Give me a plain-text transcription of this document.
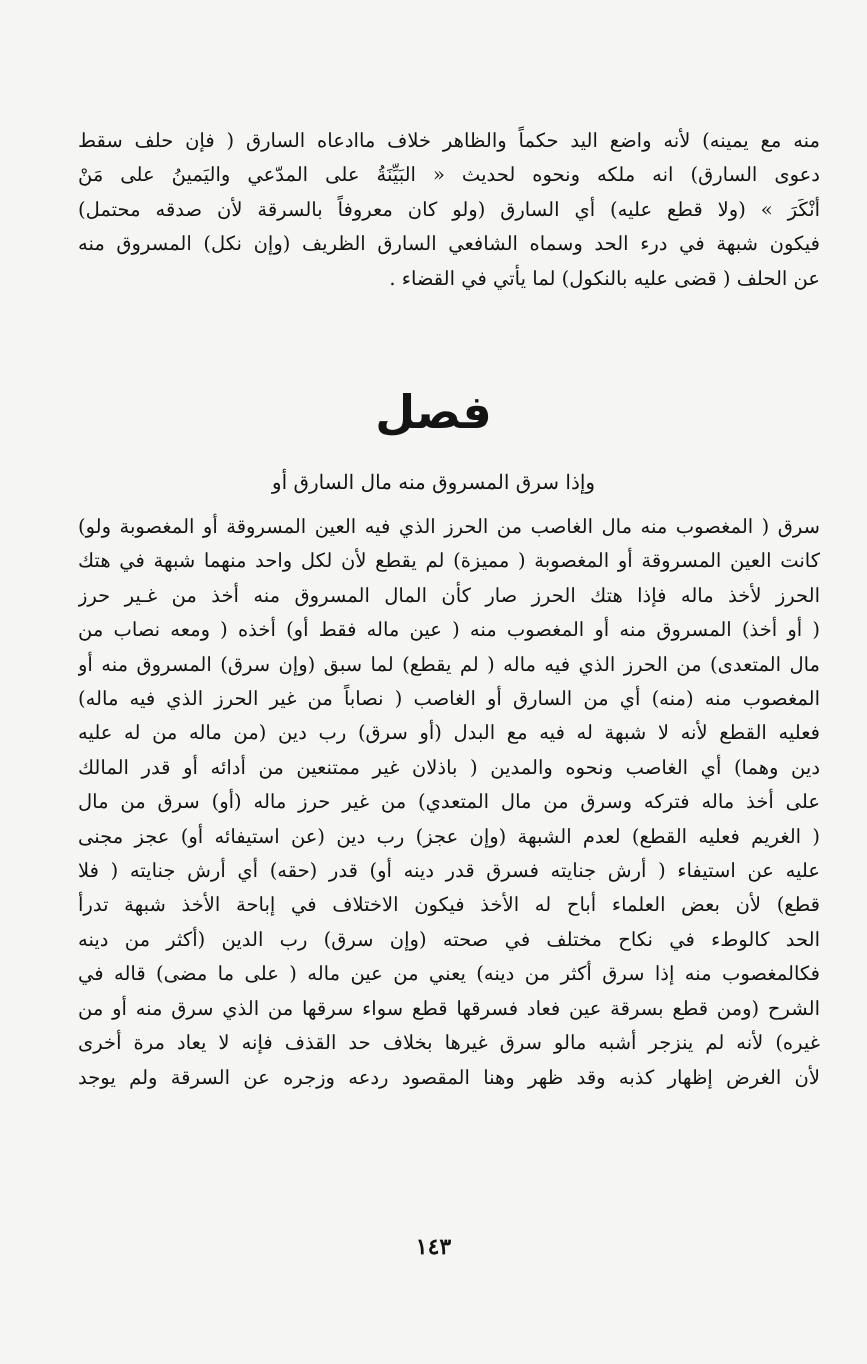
منه مع يمينه) لأنه واضع اليد حكماً والظاهر خلاف ماادعاه السارق ( فإن حلف سقط
دعوى السارق) انه ملكه ونحوه لحديث « البَيِّنَةُ على المدّعي واليَمينُ على مَنْ
أنْكَرَ » (ولا قطع عليه) أي السارق (ولو كان معروفاً بالسرقة لأن صدقه محتمل)
فيكون شبهة في درء الحد وسماه الشافعي السارق الظريف (وإن نكل) المسروق منه
عن الحلف ( قضى عليه بالنكول) لما يأتي في القضاء .
فصل
وإذا سرق المسروق منه مال السارق أو
سرق ( المغصوب منه مال الغاصب من الحرز الذي فيه العين المسروقة أو المغصوبة ولو)
كانت العين المسروقة أو المغصوبة ( مميزة) لم يقطع لأن لكل واحد منهما شبهة في هتك
الحرز لأخذ ماله فإذا هتك الحرز صار كأن المال المسروق منه أخذ من غـير حرز
( أو أخذ) المسروق منه أو المغصوب منه ( عين ماله فقط أو) أخذه ( ومعه نصاب من
مال المتعدى) من الحرز الذي فيه ماله ( لم يقطع) لما سبق (وإن سرق) المسروق منه أو
المغصوب منه (منه) أي من السارق أو الغاصب ( نصاباً من غير الحرز الذي فيه ماله)
فعليه القطع لأنه لا شبهة له فيه مع البدل (أو سرق) رب دين (من ماله من له عليه
دين وهما) أي الغاصب ونحوه والمدين ( باذلان غير ممتنعين من أدائه أو قدر المالك
على أخذ ماله فتركه وسرق من مال المتعدي) من غير حرز ماله (أو) سرق من مال
( الغريم فعليه القطع) لعدم الشبهة (وإن عجز) رب دين (عن استيفائه أو) عجز مجنى
عليه عن استيفاء ( أرش جنايته فسرق قدر دينه أو) قدر (حقه) أي أرش جنايته ( فلا
قطع) لأن بعض العلماء أباح له الأخذ فيكون الاختلاف في إباحة الأخذ شبهة تدرأ
الحد كالوطء في نكاح مختلف في صحته (وإن سرق) رب الدين (أكثر من دينه
فكالمغصوب منه إذا سرق أكثر من دينه) يعني من عين ماله ( على ما مضى) قاله في
الشرح (ومن قطع بسرقة عين فعاد فسرقها قطع سواء سرقها من الذي سرق منه أو من
غيره) لأنه لم ينزجر أشبه مالو سرق غيرها بخلاف حد القذف فإنه لا يعاد مرة أخرى
لأن الغرض إظهار كذبه وقد ظهر وهنا المقصود ردعه وزجره عن السرقة ولم يوجد
١٤٣
